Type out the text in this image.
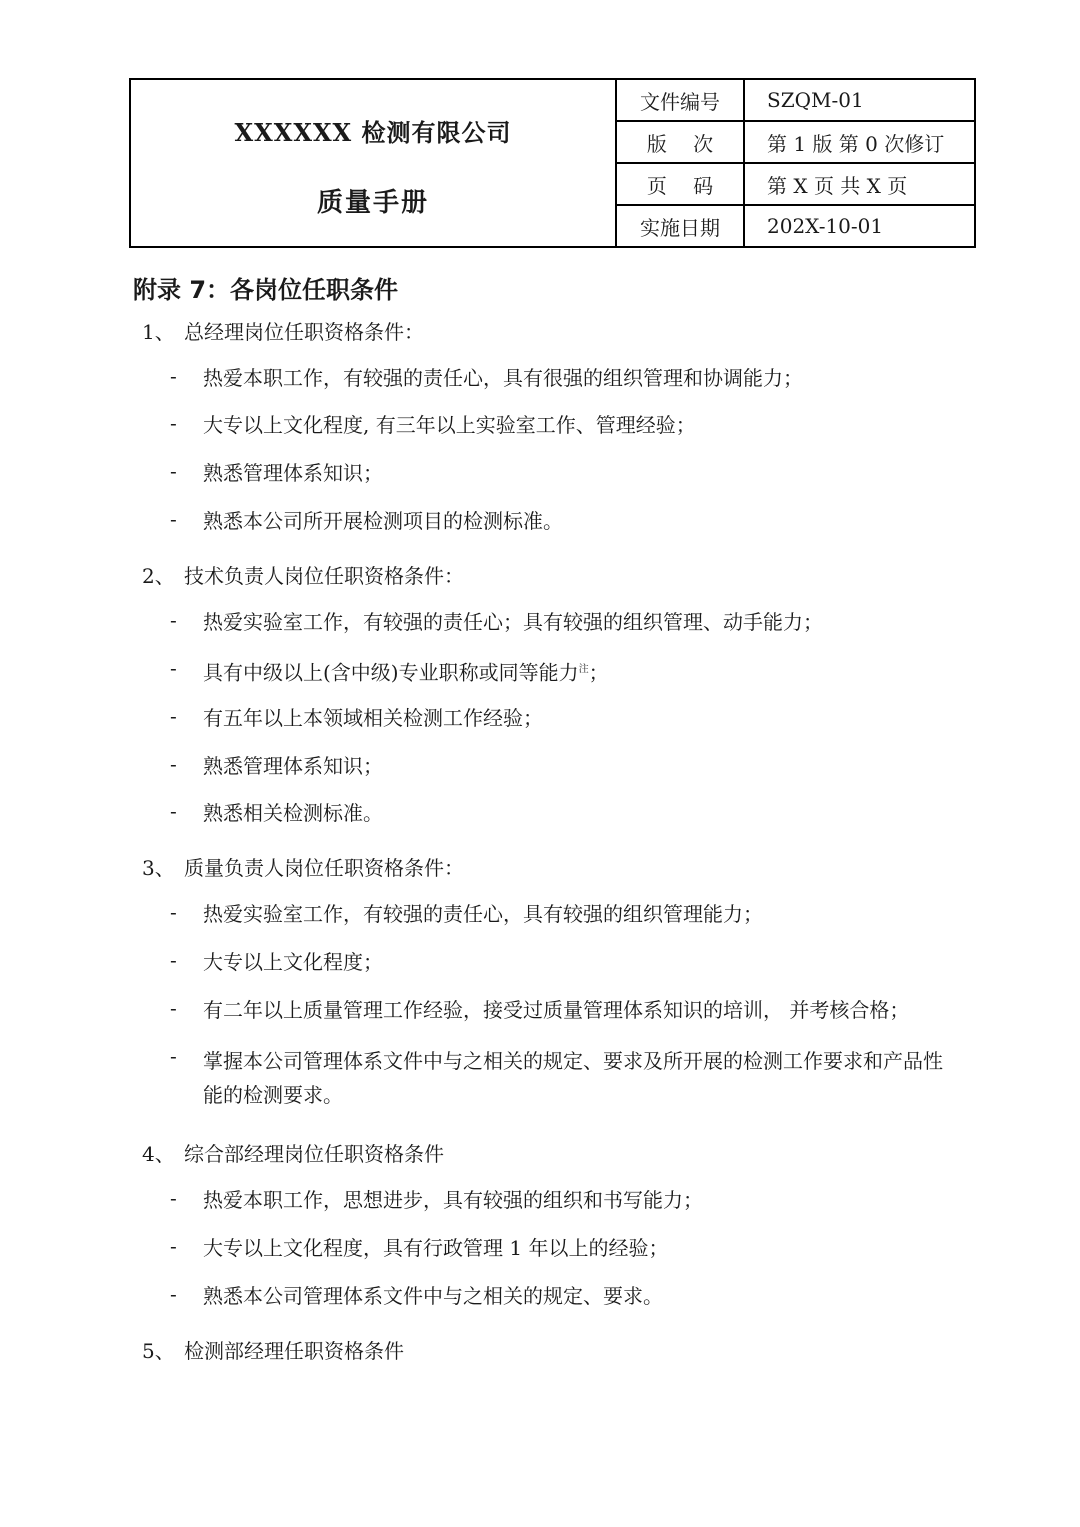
XXXXXX 检测有限公司
质量手册
文件编号	SZQM-01
版　 次	第 1 版 第 0 次修订
页　 码	第 X 页 共 X 页
实施日期	202X-10-01
附录 7：各岗位任职条件
1、 总经理岗位任职资格条件：
- 热爱本职工作，有较强的责任心，具有很强的组织管理和协调能力；
- 大专以上文化程度, 有三年以上实验室工作、管理经验；
- 熟悉管理体系知识；
- 熟悉本公司所开展检测项目的检测标准。
2、 技术负责人岗位任职资格条件：
- 热爱实验室工作，有较强的责任心；具有较强的组织管理、动手能力；
- 具有中级以上(含中级)专业职称或同等能力$^注$；
- 有五年以上本领域相关检测工作经验；
- 熟悉管理体系知识；
- 熟悉相关检测标准。
3、 质量负责人岗位任职资格条件：
- 热爱实验室工作，有较强的责任心，具有较强的组织管理能力；
- 大专以上文化程度；
- 有二年以上质量管理工作经验，接受过质量管理体系知识的培训， 并考核合格；
- 掌握本公司管理体系文件中与之相关的规定、要求及所开展的检测工作要求和产品性能的检测要求。
4、 综合部经理岗位任职资格条件
- 热爱本职工作，思想进步，具有较强的组织和书写能力；
- 大专以上文化程度，具有行政管理 1 年以上的经验；
- 熟悉本公司管理体系文件中与之相关的规定、要求。
5、 检测部经理任职资格条件
